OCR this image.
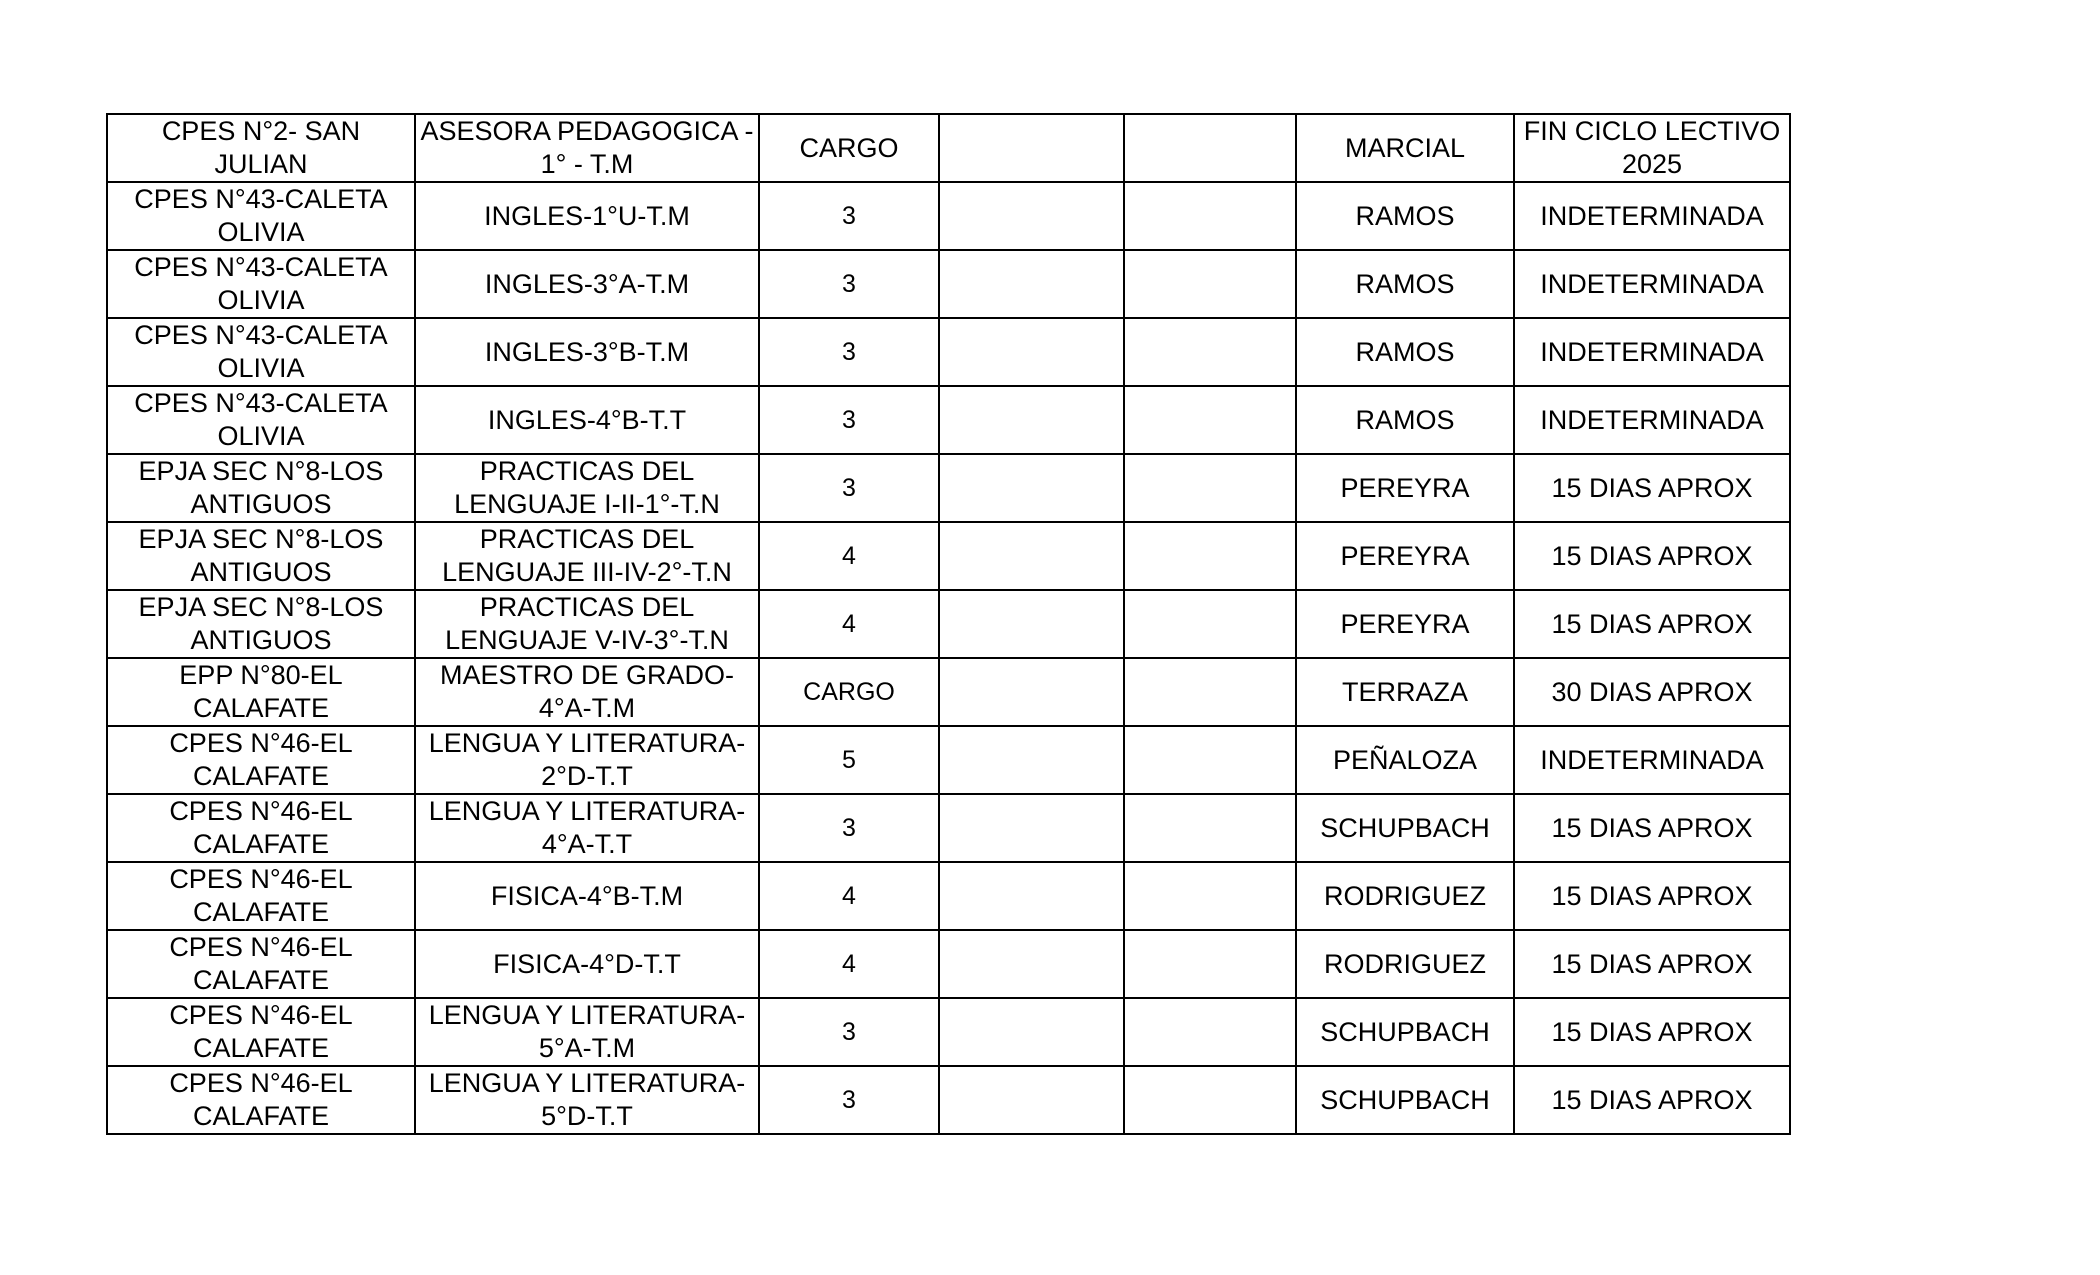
CPES N°2- SAN JULIAN	ASESORA PEDAGOGICA - 1° - T.M	CARGO			MARCIAL	FIN CICLO LECTIVO 2025
CPES N°43-CALETA OLIVIA	INGLES-1°U-T.M	3			RAMOS	INDETERMINADA
CPES N°43-CALETA OLIVIA	INGLES-3°A-T.M	3			RAMOS	INDETERMINADA
CPES N°43-CALETA OLIVIA	INGLES-3°B-T.M	3			RAMOS	INDETERMINADA
CPES N°43-CALETA OLIVIA	INGLES-4°B-T.T	3			RAMOS	INDETERMINADA
EPJA SEC N°8-LOS ANTIGUOS	PRACTICAS DEL LENGUAJE I-II-1°-T.N	3			PEREYRA	15 DIAS APROX
EPJA SEC N°8-LOS ANTIGUOS	PRACTICAS DEL LENGUAJE III-IV-2°-T.N	4			PEREYRA	15 DIAS APROX
EPJA SEC N°8-LOS ANTIGUOS	PRACTICAS DEL LENGUAJE V-IV-3°-T.N	4			PEREYRA	15 DIAS APROX
EPP N°80-EL CALAFATE	MAESTRO DE GRADO-4°A-T.M	CARGO			TERRAZA	30 DIAS APROX
CPES N°46-EL CALAFATE	LENGUA Y LITERATURA-2°D-T.T	5			PEÑALOZA	INDETERMINADA
CPES N°46-EL CALAFATE	LENGUA Y LITERATURA-4°A-T.T	3			SCHUPBACH	15 DIAS APROX
CPES N°46-EL CALAFATE	FISICA-4°B-T.M	4			RODRIGUEZ	15 DIAS APROX
CPES N°46-EL CALAFATE	FISICA-4°D-T.T	4			RODRIGUEZ	15 DIAS APROX
CPES N°46-EL CALAFATE	LENGUA Y LITERATURA-5°A-T.M	3			SCHUPBACH	15 DIAS APROX
CPES N°46-EL CALAFATE	LENGUA Y LITERATURA-5°D-T.T	3			SCHUPBACH	15 DIAS APROX
